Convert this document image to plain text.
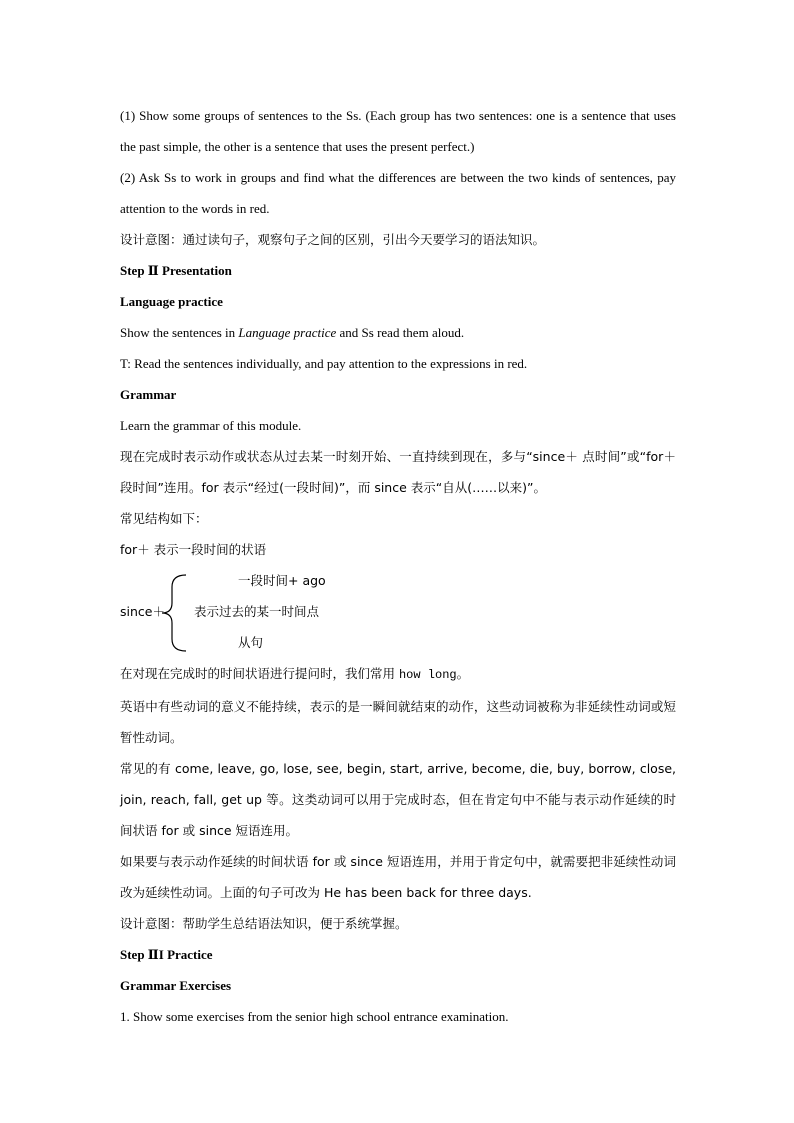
(1) Show some groups of sentences to the Ss. (Each group has two sentences: one is a sentence that uses the past simple, the other is a sentence that uses the present perfect.)

(2) Ask Ss to work in groups and find what the differences are between the two kinds of sentences, pay attention to the words in red.

设计意图：通过读句子，观察句子之间的区别，引出今天要学习的语法知识。

Step Ⅱ Presentation

Language practice

Show the sentences in Language practice and Ss read them aloud.

T: Read the sentences individually, and pay attention to the expressions in red.

Grammar

Learn the grammar of this module.

现在完成时表示动作或状态从过去某一时刻开始、一直持续到现在，多与“since＋ 点时间”或“for＋ 段时间”连用。for 表示“经过(一段时间)”，而 since 表示“自从(……以来)”。

常见结构如下：

for＋ 表示一段时间的状语

since＋
一段时间+ ago
表示过去的某一时间点
从句

在对现在完成时的时间状语进行提问时，我们常用 how long。

英语中有些动词的意义不能持续，表示的是一瞬间就结束的动作，这些动词被称为非延续性动词或短暂性动词。

常见的有 come, leave, go, lose, see, begin, start, arrive, become, die, buy, borrow, close, join, reach, fall, get up 等。这类动词可以用于完成时态，但在肯定句中不能与表示动作延续的时间状语 for 或 since 短语连用。

如果要与表示动作延续的时间状语 for 或 since 短语连用，并用于肯定句中，就需要把非延续性动词改为延续性动词。上面的句子可改为 He has been back for three days.

设计意图：帮助学生总结语法知识，便于系统掌握。

Step ⅡI Practice

Grammar Exercises

1. Show some exercises from the senior high school entrance examination.
